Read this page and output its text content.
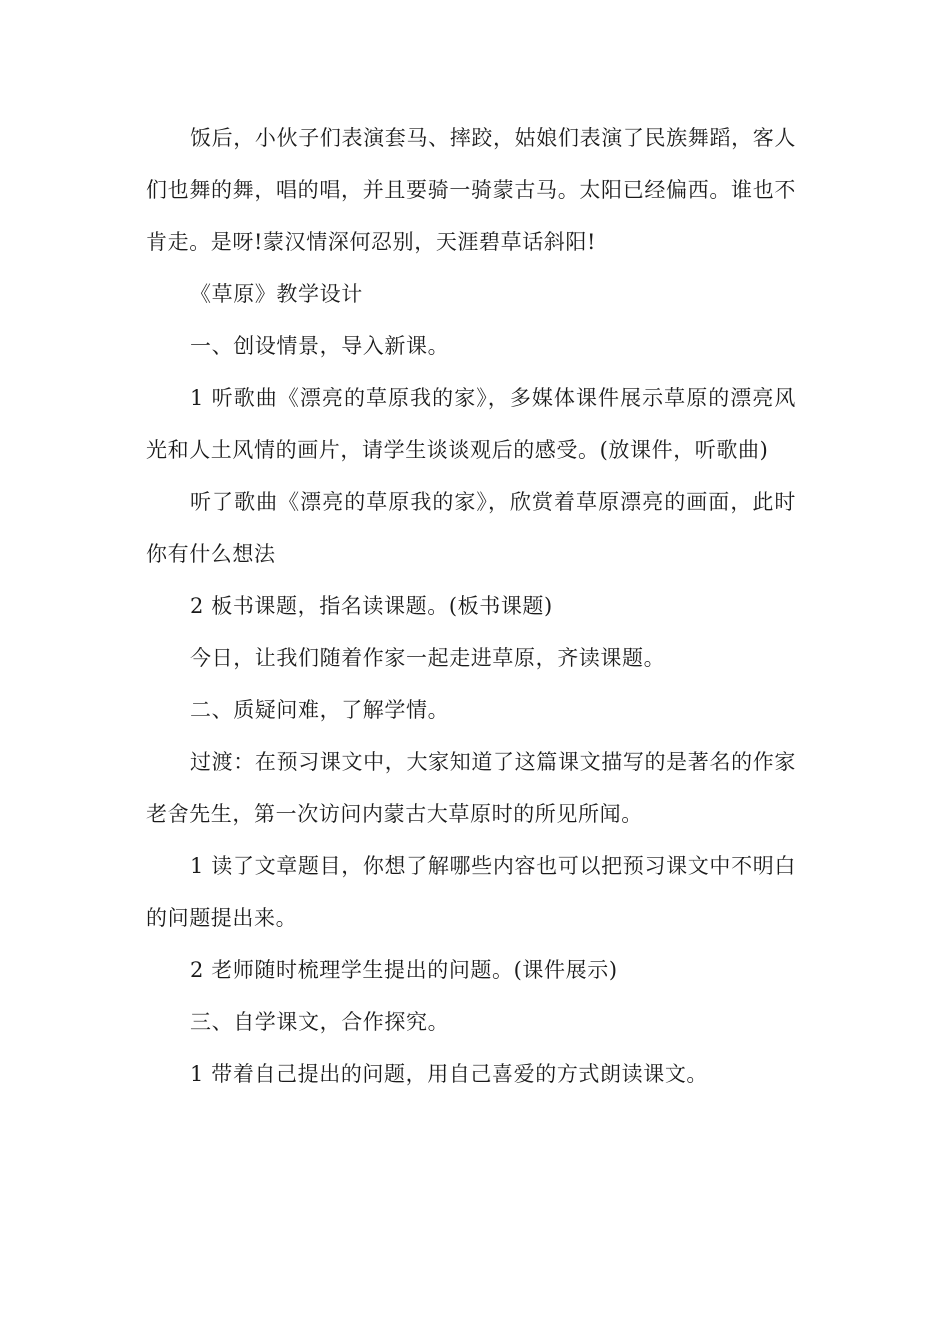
饭后，小伙子们表演套马、摔跤，姑娘们表演了民族舞蹈，客人们也舞的舞，唱的唱，并且要骑一骑蒙古马。太阳已经偏西。谁也不肯走。是呀!蒙汉情深何忍别，天涯碧草话斜阳!

《草原》教学设计

一、创设情景，导入新课。

1 听歌曲《漂亮的草原我的家》，多媒体课件展示草原的漂亮风光和人土风情的画片，请学生谈谈观后的感受。(放课件，听歌曲)

听了歌曲《漂亮的草原我的家》，欣赏着草原漂亮的画面，此时你有什么想法

2 板书课题，指名读课题。(板书课题)

今日，让我们随着作家一起走进草原，齐读课题。

二、质疑问难，了解学情。

过渡：在预习课文中，大家知道了这篇课文描写的是著名的作家老舍先生，第一次访问内蒙古大草原时的所见所闻。

1 读了文章题目，你想了解哪些内容也可以把预习课文中不明白的问题提出来。

2 老师随时梳理学生提出的问题。(课件展示)

三、自学课文，合作探究。

1 带着自己提出的问题，用自己喜爱的方式朗读课文。
